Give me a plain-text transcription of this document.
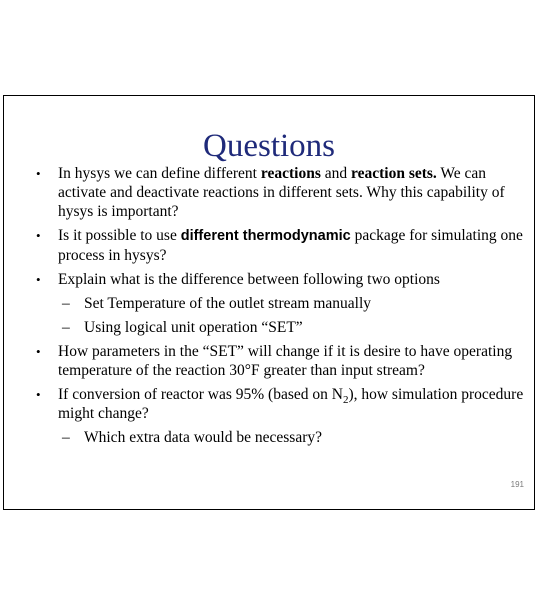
Questions
• In hysys we can define different reactions and reaction sets. We can activate and deactivate reactions in different sets. Why this capability of hysys is important?
• Is it possible to use different thermodynamic package for simulating one process in hysys?
• Explain what is the difference between following two options
– Set Temperature of the outlet stream manually
– Using logical unit operation “SET”
• How parameters in the “SET” will change if it is desire to have operating temperature of the reaction 30°F greater than input stream?
• If conversion of reactor was 95% (based on $N_2$), how simulation procedure might change?
– Which extra data would be necessary?
191
